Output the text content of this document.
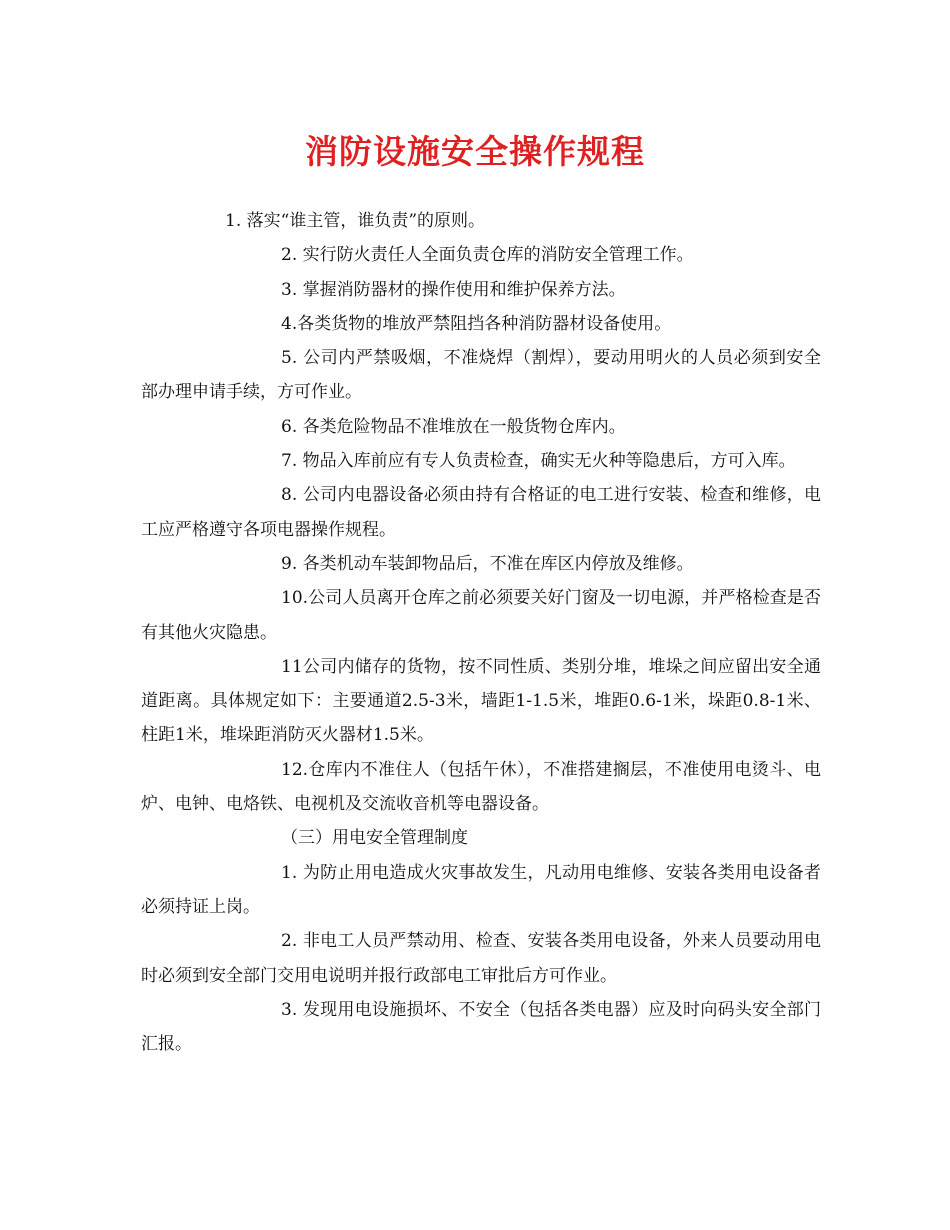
消防设施安全操作规程

1. 落实“谁主管，谁负责”的原则。

2. 实行防火责任人全面负责仓库的消防安全管理工作。

3. 掌握消防器材的操作使用和维护保养方法。

4.各类货物的堆放严禁阻挡各种消防器材设备使用。

5. 公司内严禁吸烟，不准烧焊（割焊），要动用明火的人员必须到安全部办理申请手续，方可作业。

6. 各类危险物品不准堆放在一般货物仓库内。

7. 物品入库前应有专人负责检查，确实无火种等隐患后，方可入库。

8. 公司内电器设备必须由持有合格证的电工进行安装、检查和维修，电工应严格遵守各项电器操作规程。

9. 各类机动车装卸物品后，不准在库区内停放及维修。

10.公司人员离开仓库之前必须要关好门窗及一切电源，并严格检查是否有其他火灾隐患。

11公司内储存的货物，按不同性质、类别分堆，堆垛之间应留出安全通道距离。具体规定如下：主要通道2.5-3米，墙距1-1.5米，堆距0.6-1米，垛距0.8-1米、柱距1米，堆垛距消防灭火器材1.5米。

12.仓库内不准住人（包括午休），不准搭建搁层，不准使用电烫斗、电炉、电钟、电烙铁、电视机及交流收音机等电器设备。

（三）用电安全管理制度

1. 为防止用电造成火灾事故发生，凡动用电维修、安装各类用电设备者必须持证上岗。

2. 非电工人员严禁动用、检查、安装各类用电设备，外来人员要动用电时必须到安全部门交用电说明并报行政部电工审批后方可作业。

3. 发现用电设施损坏、不安全（包括各类电器）应及时向码头安全部门汇报。
